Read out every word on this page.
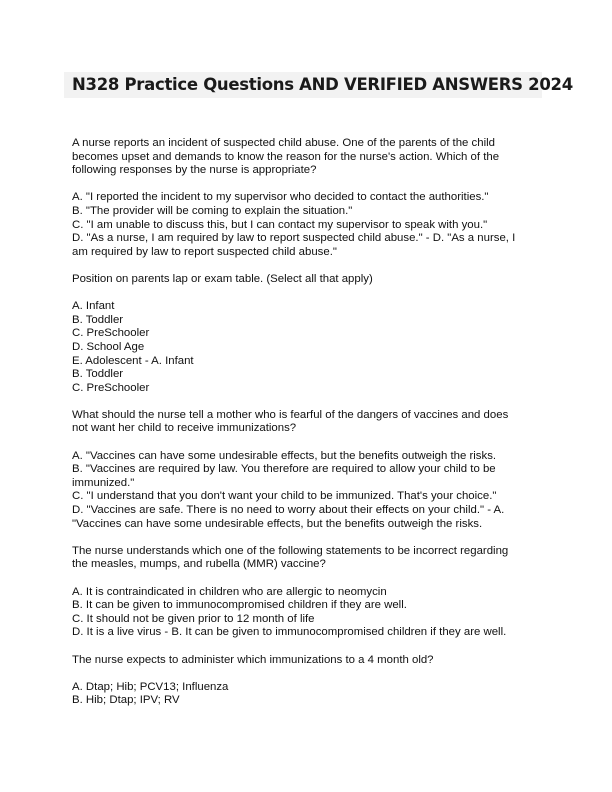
N328 Practice Questions AND VERIFIED ANSWERS 2024

A nurse reports an incident of suspected child abuse. One of the parents of the child

becomes upset and demands to know the reason for the nurse's action. Which of the

following responses by the nurse is appropriate?

A. "I reported the incident to my supervisor who decided to contact the authorities."

B. "The provider will be coming to explain the situation."

C. "I am unable to discuss this, but I can contact my supervisor to speak with you."

D. "As a nurse, I am required by law to report suspected child abuse." - D. "As a nurse, I

am required by law to report suspected child abuse."

Position on parents lap or exam table. (Select all that apply)

A. Infant

B. Toddler

C. PreSchooler

D. School Age

E. Adolescent - A. Infant

B. Toddler

C. PreSchooler

What should the nurse tell a mother who is fearful of the dangers of vaccines and does

not want her child to receive immunizations?

A. "Vaccines can have some undesirable effects, but the benefits outweigh the risks.

B. "Vaccines are required by law. You therefore are required to allow your child to be

immunized."

C. "I understand that you don't want your child to be immunized. That's your choice."

D. "Vaccines are safe. There is no need to worry about their effects on your child." - A.

"Vaccines can have some undesirable effects, but the benefits outweigh the risks.

The nurse understands which one of the following statements to be incorrect regarding

the measles, mumps, and rubella (MMR) vaccine?

A. It is contraindicated in children who are allergic to neomycin

B. It can be given to immunocompromised children if they are well.

C. It should not be given prior to 12 month of life

D. It is a live virus - B. It can be given to immunocompromised children if they are well.

The nurse expects to administer which immunizations to a 4 month old?

A. Dtap; Hib; PCV13; Influenza

B. Hib; Dtap; IPV; RV
